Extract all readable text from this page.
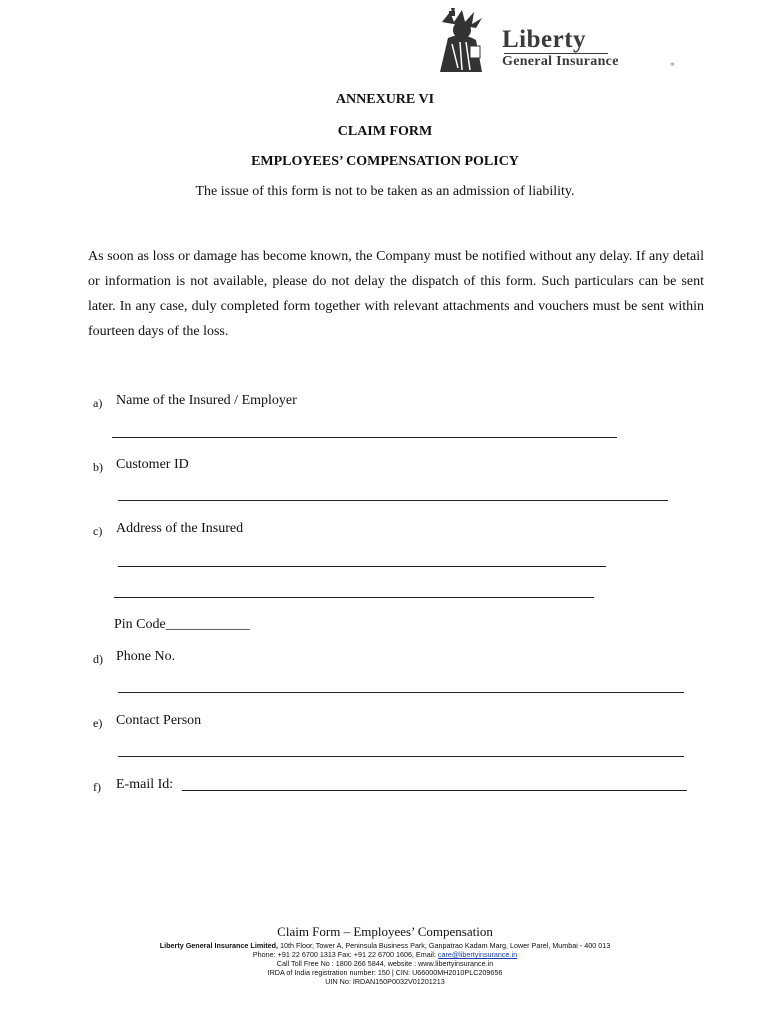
Liberty
General Insurance	®
ANNEXURE VI
CLAIM FORM
EMPLOYEES’ COMPENSATION POLICY
The issue of this form is not to be taken as an admission of liability.
As soon as loss or damage has become known, the Company must be notified without any delay. If any detail or information is not available, please do not delay the dispatch of this form. Such particulars can be sent later. In any case, duly completed form together with relevant attachments and vouchers must be sent within fourteen days of the loss.
a) Name of the Insured / Employer
b) Customer ID
c) Address of the Insured
Pin Code____________
d) Phone No.
e) Contact Person
f) E-mail Id:
Claim Form – Employees’ Compensation
Liberty General Insurance Limited, 10th Floor, Tower A, Peninsula Business Park, Ganpatrao Kadam Marg, Lower Parel, Mumbai - 400 013
Phone: +91 22 6700 1313 Fax: +91 22 6700 1606, Email: care@libertyinsurance.in
Call Toll Free No : 1800 266 5844, website : www.libertyinsurance.in
IRDA of India registration number: 150 | CIN: U66000MH2010PLC209656
UIN No: IRDAN150P0032V01201213
